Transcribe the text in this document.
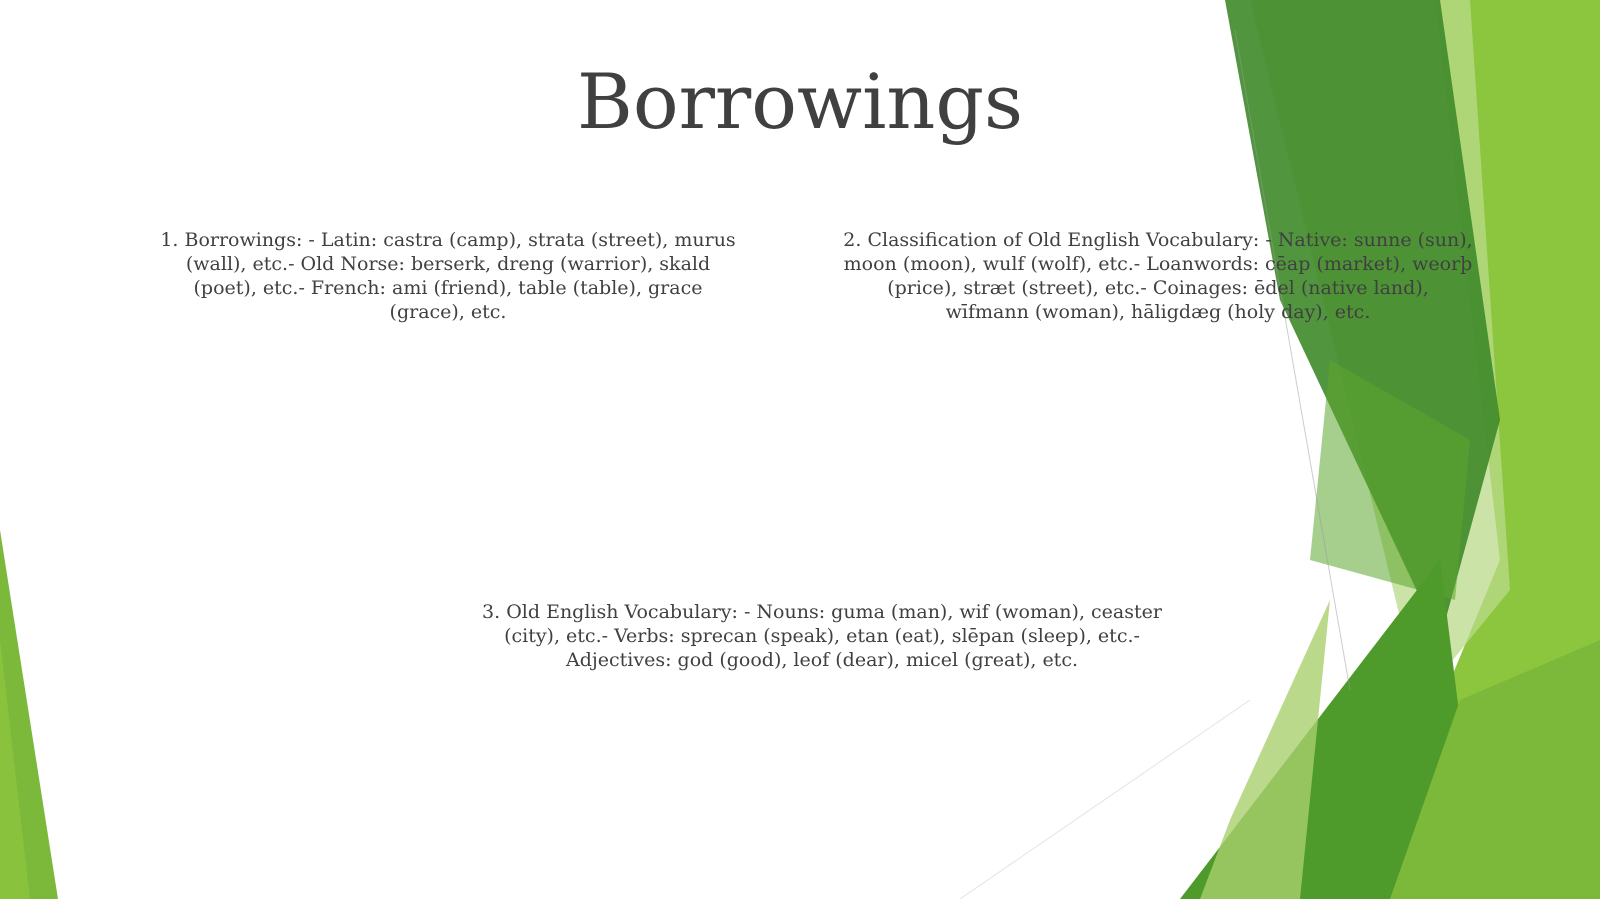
Borrowings
1. Borrowings: - Latin: castra (camp), strata (street), murus (wall), etc.- Old Norse: berserk, dreng (warrior), skald (poet), etc.- French: ami (friend), table (table), grace (grace), etc.
2. Classification of Old English Vocabulary: - Native: sunne (sun), moon (moon), wulf (wolf), etc.- Loanwords: cēap (market), weorþ (price), stræt (street), etc.- Coinages: ēdel (native land), wīfmann (woman), hāligdæg (holy day), etc.
3. Old English Vocabulary: - Nouns: guma (man), wif (woman), ceaster (city), etc.- Verbs: sprecan (speak), etan (eat), slēpan (sleep), etc.- Adjectives: god (good), leof (dear), micel (great), etc.
